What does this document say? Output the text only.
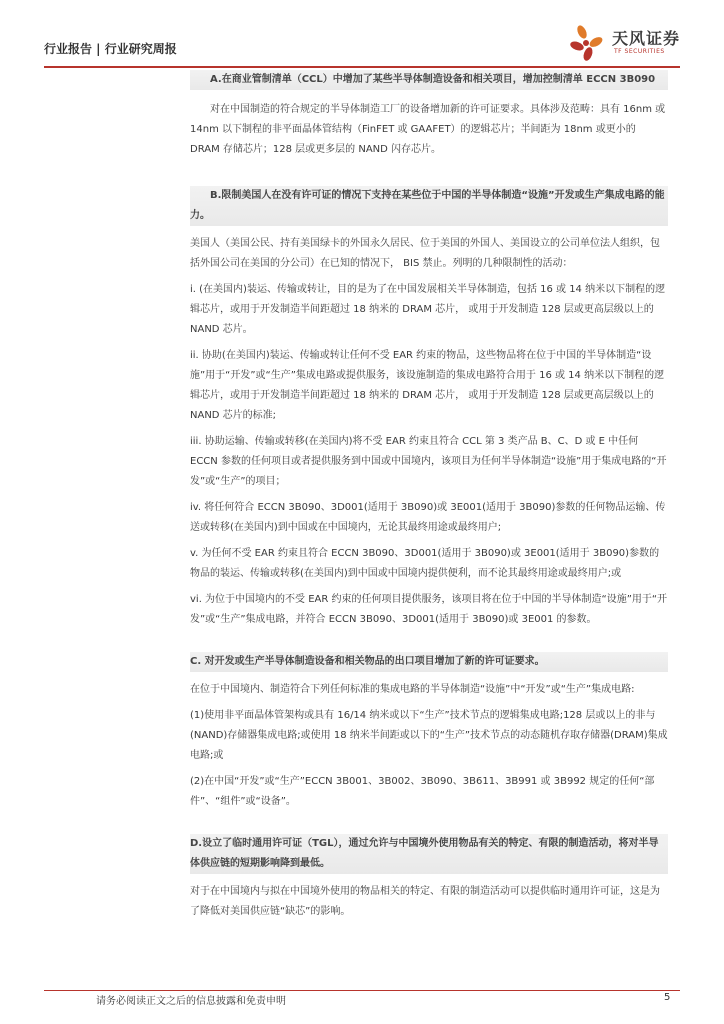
行业报告 | 行业研究周报
天风证券
TF SECURITIES

A.在商业管制清单（CCL）中增加了某些半导体制造设备和相关项目，增加控制清单 ECCN 3B090

对在中国制造的符合规定的半导体制造工厂的设备增加新的许可证要求。具体涉及范畴：具有 16nm 或 14nm 以下制程的非平面晶体管结构（FinFET 或 GAAFET）的逻辑芯片；半间距为 18nm 或更小的 DRAM 存储芯片；128 层或更多层的 NAND 闪存芯片。

B.限制美国人在没有许可证的情况下支持在某些位于中国的半导体制造“设施”开发或生产集成电路的能力。

美国人（美国公民、持有美国绿卡的外国永久居民、位于美国的外国人、美国设立的公司单位法人组织，包括外国公司在美国的分公司）在已知的情况下， BIS 禁止。列明的几种限制性的活动：

i. (在美国内)装运、传输或转让，目的是为了在中国发展相关半导体制造，包括 16 或 14 纳米以下制程的逻辑芯片，或用于开发制造半间距超过 18 纳米的 DRAM 芯片， 或用于开发制造 128 层或更高层级以上的 NAND 芯片。

ii. 协助(在美国内)装运、传输或转让任何不受 EAR 约束的物品，这些物品将在位于中国的半导体制造“设施”用于“开发”或“生产”集成电路或提供服务，该设施制造的集成电路符合用于 16 或 14 纳米以下制程的逻辑芯片，或用于开发制造半间距超过 18 纳米的 DRAM 芯片， 或用于开发制造 128 层或更高层级以上的 NAND 芯片的标准;

iii. 协助运输、传输或转移(在美国内)将不受 EAR 约束且符合 CCL 第 3 类产品 B、C、D 或 E 中任何 ECCN 参数的任何项目或者提供服务到中国或中国境内，该项目为任何半导体制造“设施”用于集成电路的“开发”或“生产”的项目；

iv. 将任何符合 ECCN 3B090、3D001(适用于 3B090)或 3E001(适用于 3B090)参数的任何物品运输、传送或转移(在美国内)到中国或在中国境内，无论其最终用途或最终用户;

v. 为任何不受 EAR 约束且符合 ECCN 3B090、3D001(适用于 3B090)或 3E001(适用于 3B090)参数的物品的装运、传输或转移(在美国内)到中国或中国境内提供便利，而不论其最终用途或最终用户;或

vi. 为位于中国境内的不受 EAR 约束的任何项目提供服务，该项目将在位于中国的半导体制造“设施”用于“开发”或“生产”集成电路，并符合 ECCN 3B090、3D001(适用于 3B090)或 3E001 的参数。

C. 对开发或生产半导体制造设备和相关物品的出口项目增加了新的许可证要求。

在位于中国境内、制造符合下列任何标准的集成电路的半导体制造“设施”中“开发”或“生产”集成电路:

(1)使用非平面晶体管架构或具有 16/14 纳米或以下“生产”技术节点的逻辑集成电路;128 层或以上的非与(NAND)存储器集成电路;或使用 18 纳米半间距或以下的“生产”技术节点的动态随机存取存储器(DRAM)集成电路;或

(2)在中国“开发”或“生产”ECCN 3B001、3B002、3B090、3B611、3B991 或 3B992 规定的任何“部件”、“组件”或“设备”。

D.设立了临时通用许可证（TGL），通过允许与中国境外使用物品有关的特定、有限的制造活动，将对半导体供应链的短期影响降到最低。

对于在中国境内与拟在中国境外使用的物品相关的特定、有限的制造活动可以提供临时通用许可证，这是为了降低对美国供应链“缺芯”的影响。

请务必阅读正文之后的信息披露和免责申明	5
